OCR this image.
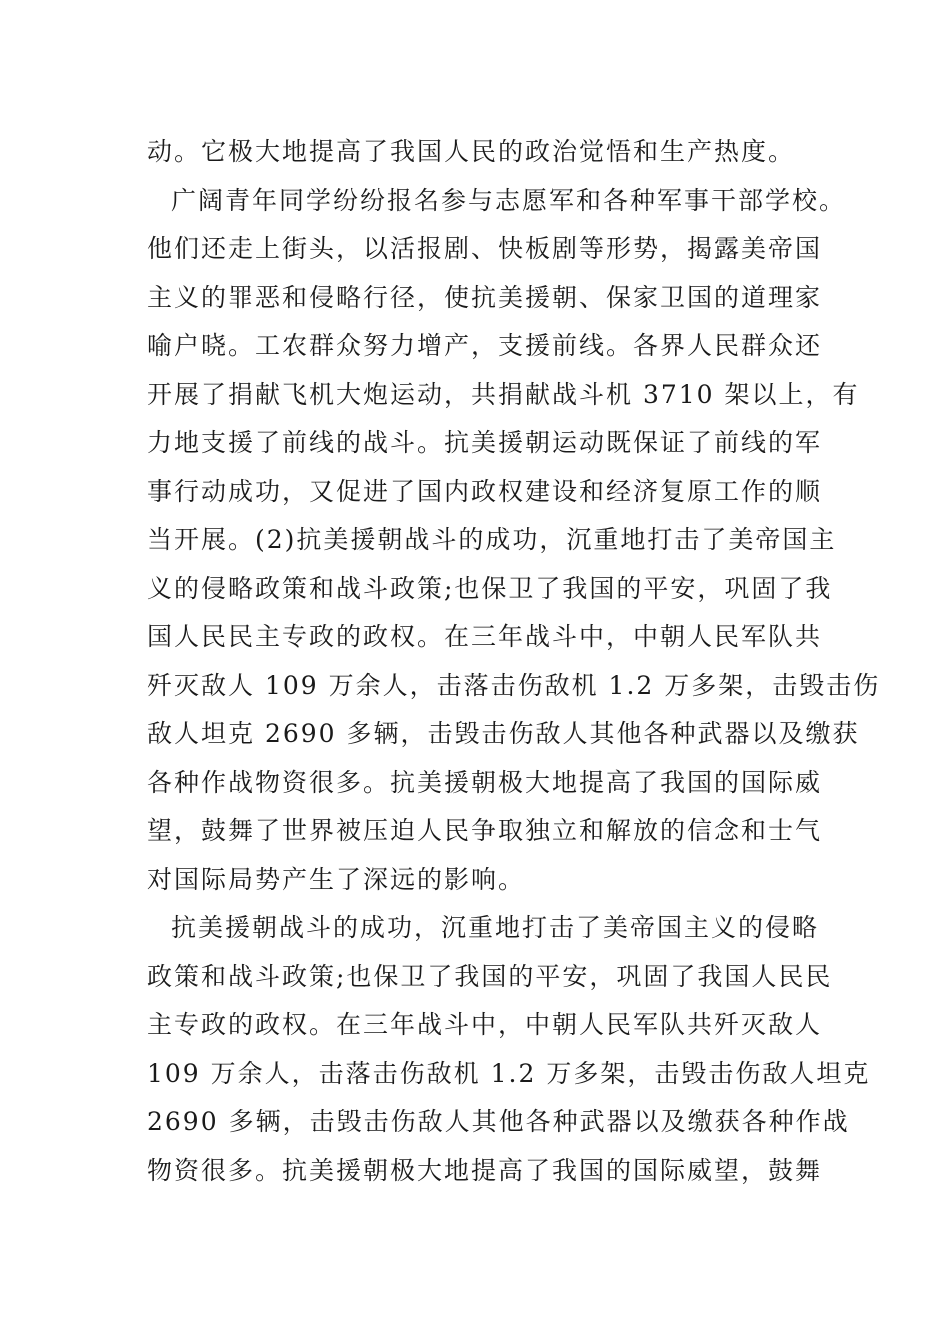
动。它极大地提高了我国人民的政治觉悟和生产热度。
广阔青年同学纷纷报名参与志愿军和各种军事干部学校。
他们还走上街头，以活报剧、快板剧等形势，揭露美帝国
主义的罪恶和侵略行径，使抗美援朝、保家卫国的道理家
喻户晓。工农群众努力增产，支援前线。各界人民群众还
开展了捐献飞机大炮运动，共捐献战斗机 3710 架以上，有
力地支援了前线的战斗。抗美援朝运动既保证了前线的军
事行动成功，又促进了国内政权建设和经济复原工作的顺
当开展。(2)抗美援朝战斗的成功，沉重地打击了美帝国主
义的侵略政策和战斗政策;也保卫了我国的平安，巩固了我
国人民民主专政的政权。在三年战斗中，中朝人民军队共
歼灭敌人 109 万余人，击落击伤敌机 1.2 万多架，击毁击伤
敌人坦克 2690 多辆，击毁击伤敌人其他各种武器以及缴获
各种作战物资很多。抗美援朝极大地提高了我国的国际威
望，鼓舞了世界被压迫人民争取独立和解放的信念和士气
对国际局势产生了深远的影响。
抗美援朝战斗的成功，沉重地打击了美帝国主义的侵略
政策和战斗政策;也保卫了我国的平安，巩固了我国人民民
主专政的政权。在三年战斗中，中朝人民军队共歼灭敌人
109 万余人，击落击伤敌机 1.2 万多架，击毁击伤敌人坦克
2690 多辆，击毁击伤敌人其他各种武器以及缴获各种作战
物资很多。抗美援朝极大地提高了我国的国际威望，鼓舞
